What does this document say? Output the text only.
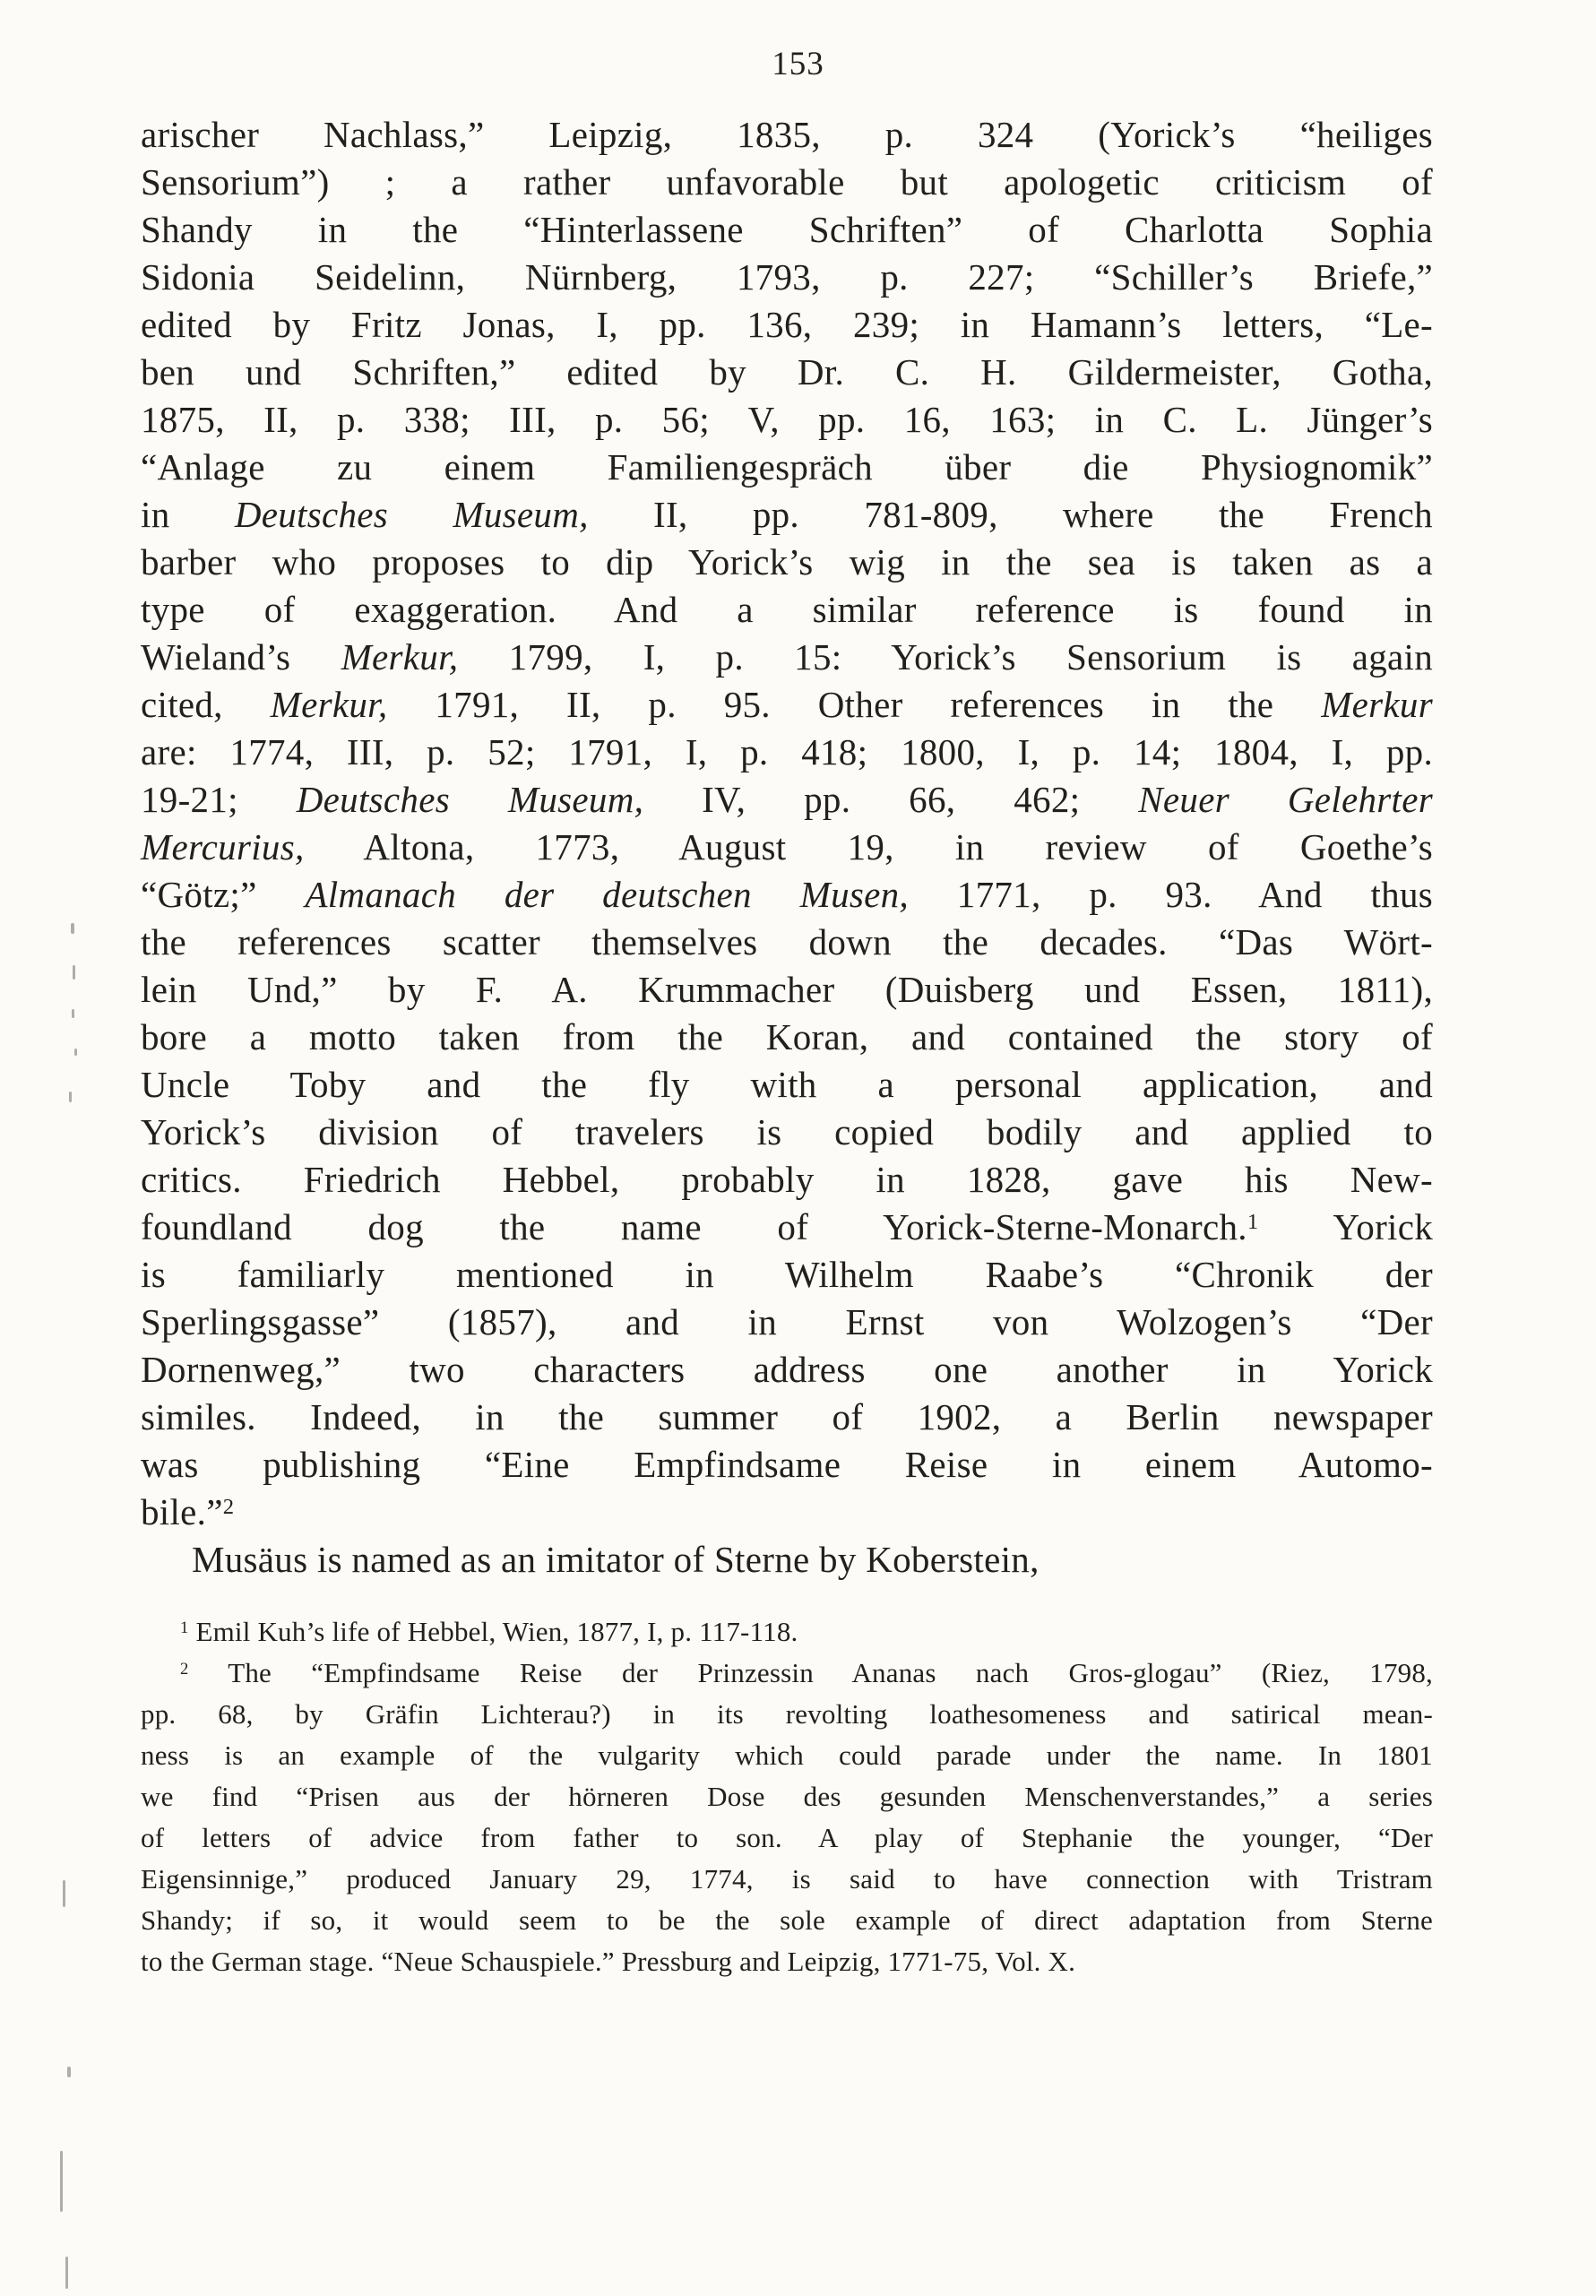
153
arischer Nachlass,” Leipzig, 1835, p. 324 (Yorick’s “heiliges
Sensorium”) ; a rather unfavorable but apologetic criticism of
Shandy in the “Hinterlassene Schriften” of Charlotta Sophia
Sidonia Seidelinn, Nürnberg, 1793, p. 227; “Schiller’s Briefe,”
edited by Fritz Jonas, I, pp. 136, 239; in Hamann’s letters, “Le-
ben und Schriften,” edited by Dr. C. H. Gildermeister, Gotha,
1875, II, p. 338; III, p. 56; V, pp. 16, 163; in C. L. Jünger’s
“Anlage zu einem Familiengespräch über die Physiognomik”
in Deutsches Museum, II, pp. 781-809, where the French
barber who proposes to dip Yorick’s wig in the sea is taken as a
type of exaggeration. And a similar reference is found in
Wieland’s Merkur, 1799, I, p. 15: Yorick’s Sensorium is again
cited, Merkur, 1791, II, p. 95. Other references in the Merkur
are: 1774, III, p. 52; 1791, I, p. 418; 1800, I, p. 14; 1804, I, pp.
19-21; Deutsches Museum, IV, pp. 66, 462; Neuer Gelehrter
Mercurius, Altona, 1773, August 19, in review of Goethe’s
“Götz;” Almanach der deutschen Musen, 1771, p. 93. And thus
the references scatter themselves down the decades. “Das Wört-
lein Und,” by F. A. Krummacher (Duisberg und Essen, 1811),
bore a motto taken from the Koran, and contained the story of
Uncle Toby and the fly with a personal application, and
Yorick’s division of travelers is copied bodily and applied to
critics. Friedrich Hebbel, probably in 1828, gave his New-
foundland dog the name of Yorick-Sterne-Monarch.$^1$ Yorick
is familiarly mentioned in Wilhelm Raabe’s “Chronik der
Sperlingsgasse” (1857), and in Ernst von Wolzogen’s “Der
Dornenweg,” two characters address one another in Yorick
similes. Indeed, in the summer of 1902, a Berlin newspaper
was publishing “Eine Empfindsame Reise in einem Automo-
bile.”$^2$
Musäus is named as an imitator of Sterne by Koberstein,
$^1$ Emil Kuh’s life of Hebbel, Wien, 1877, I, p. 117-118.
$^2$ The “Empfindsame Reise der Prinzessin Ananas nach Gros-glogau” (Riez, 1798,
pp. 68, by Gräfin Lichterau?) in its revolting loathesomeness and satirical mean-
ness is an example of the vulgarity which could parade under the name. In 1801
we find “Prisen aus der hörneren Dose des gesunden Menschenverstandes,” a series
of letters of advice from father to son. A play of Stephanie the younger, “Der
Eigensinnige,” produced January 29, 1774, is said to have connection with Tristram
Shandy; if so, it would seem to be the sole example of direct adaptation from Sterne
to the German stage. “Neue Schauspiele.” Pressburg and Leipzig, 1771-75, Vol. X.
